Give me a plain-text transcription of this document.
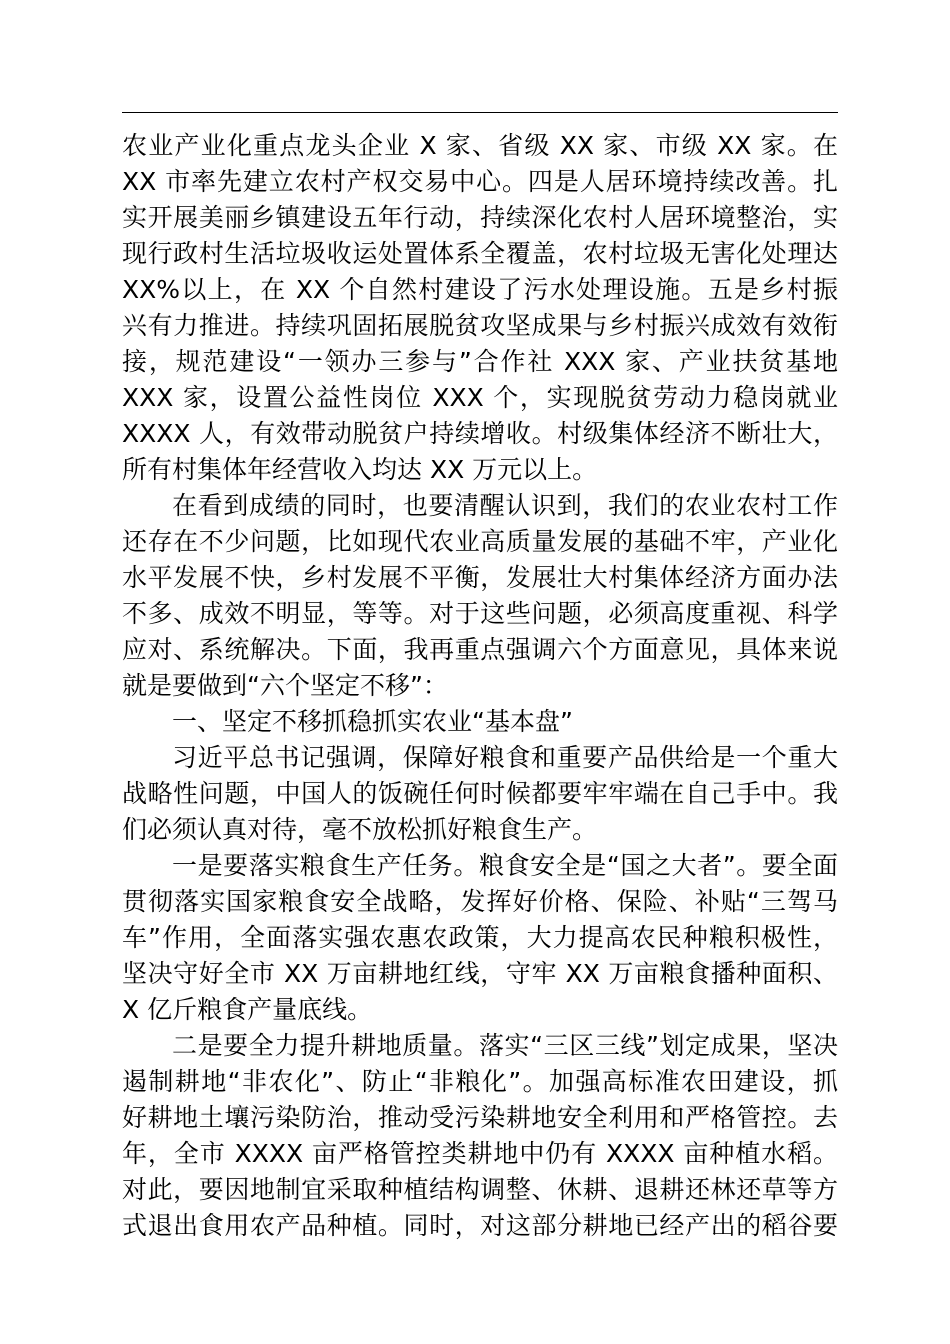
农业产业化重点龙头企业 X 家、省级 XX 家、市级 XX 家。在
XX 市率先建立农村产权交易中心。四是人居环境持续改善。扎
实开展美丽乡镇建设五年行动，持续深化农村人居环境整治，实
现行政村生活垃圾收运处置体系全覆盖，农村垃圾无害化处理达
XX%以上，在 XX 个自然村建设了污水处理设施。五是乡村振
兴有力推进。持续巩固拓展脱贫攻坚成果与乡村振兴成效有效衔
接，规范建设“一领办三参与”合作社 XXX 家、产业扶贫基地
XXX 家，设置公益性岗位 XXX 个，实现脱贫劳动力稳岗就业
XXXX 人，有效带动脱贫户持续增收。村级集体经济不断壮大，
所有村集体年经营收入均达 XX 万元以上。
在看到成绩的同时，也要清醒认识到，我们的农业农村工作
还存在不少问题，比如现代农业高质量发展的基础不牢，产业化
水平发展不快，乡村发展不平衡，发展壮大村集体经济方面办法
不多、成效不明显，等等。对于这些问题，必须高度重视、科学
应对、系统解决。下面，我再重点强调六个方面意见，具体来说
就是要做到“六个坚定不移”：
一、坚定不移抓稳抓实农业“基本盘”
习近平总书记强调，保障好粮食和重要产品供给是一个重大
战略性问题，中国人的饭碗任何时候都要牢牢端在自己手中。我
们必须认真对待，毫不放松抓好粮食生产。
一是要落实粮食生产任务。粮食安全是“国之大者”。要全面
贯彻落实国家粮食安全战略，发挥好价格、保险、补贴“三驾马
车”作用，全面落实强农惠农政策，大力提高农民种粮积极性，
坚决守好全市 XX 万亩耕地红线，守牢 XX 万亩粮食播种面积、
X 亿斤粮食产量底线。
二是要全力提升耕地质量。落实“三区三线”划定成果，坚决
遏制耕地“非农化”、防止“非粮化”。加强高标准农田建设，抓
好耕地土壤污染防治，推动受污染耕地安全利用和严格管控。去
年，全市 XXXX 亩严格管控类耕地中仍有 XXXX 亩种植水稻。
对此，要因地制宜采取种植结构调整、休耕、退耕还林还草等方
式退出食用农产品种植。同时，对这部分耕地已经产出的稻谷要
